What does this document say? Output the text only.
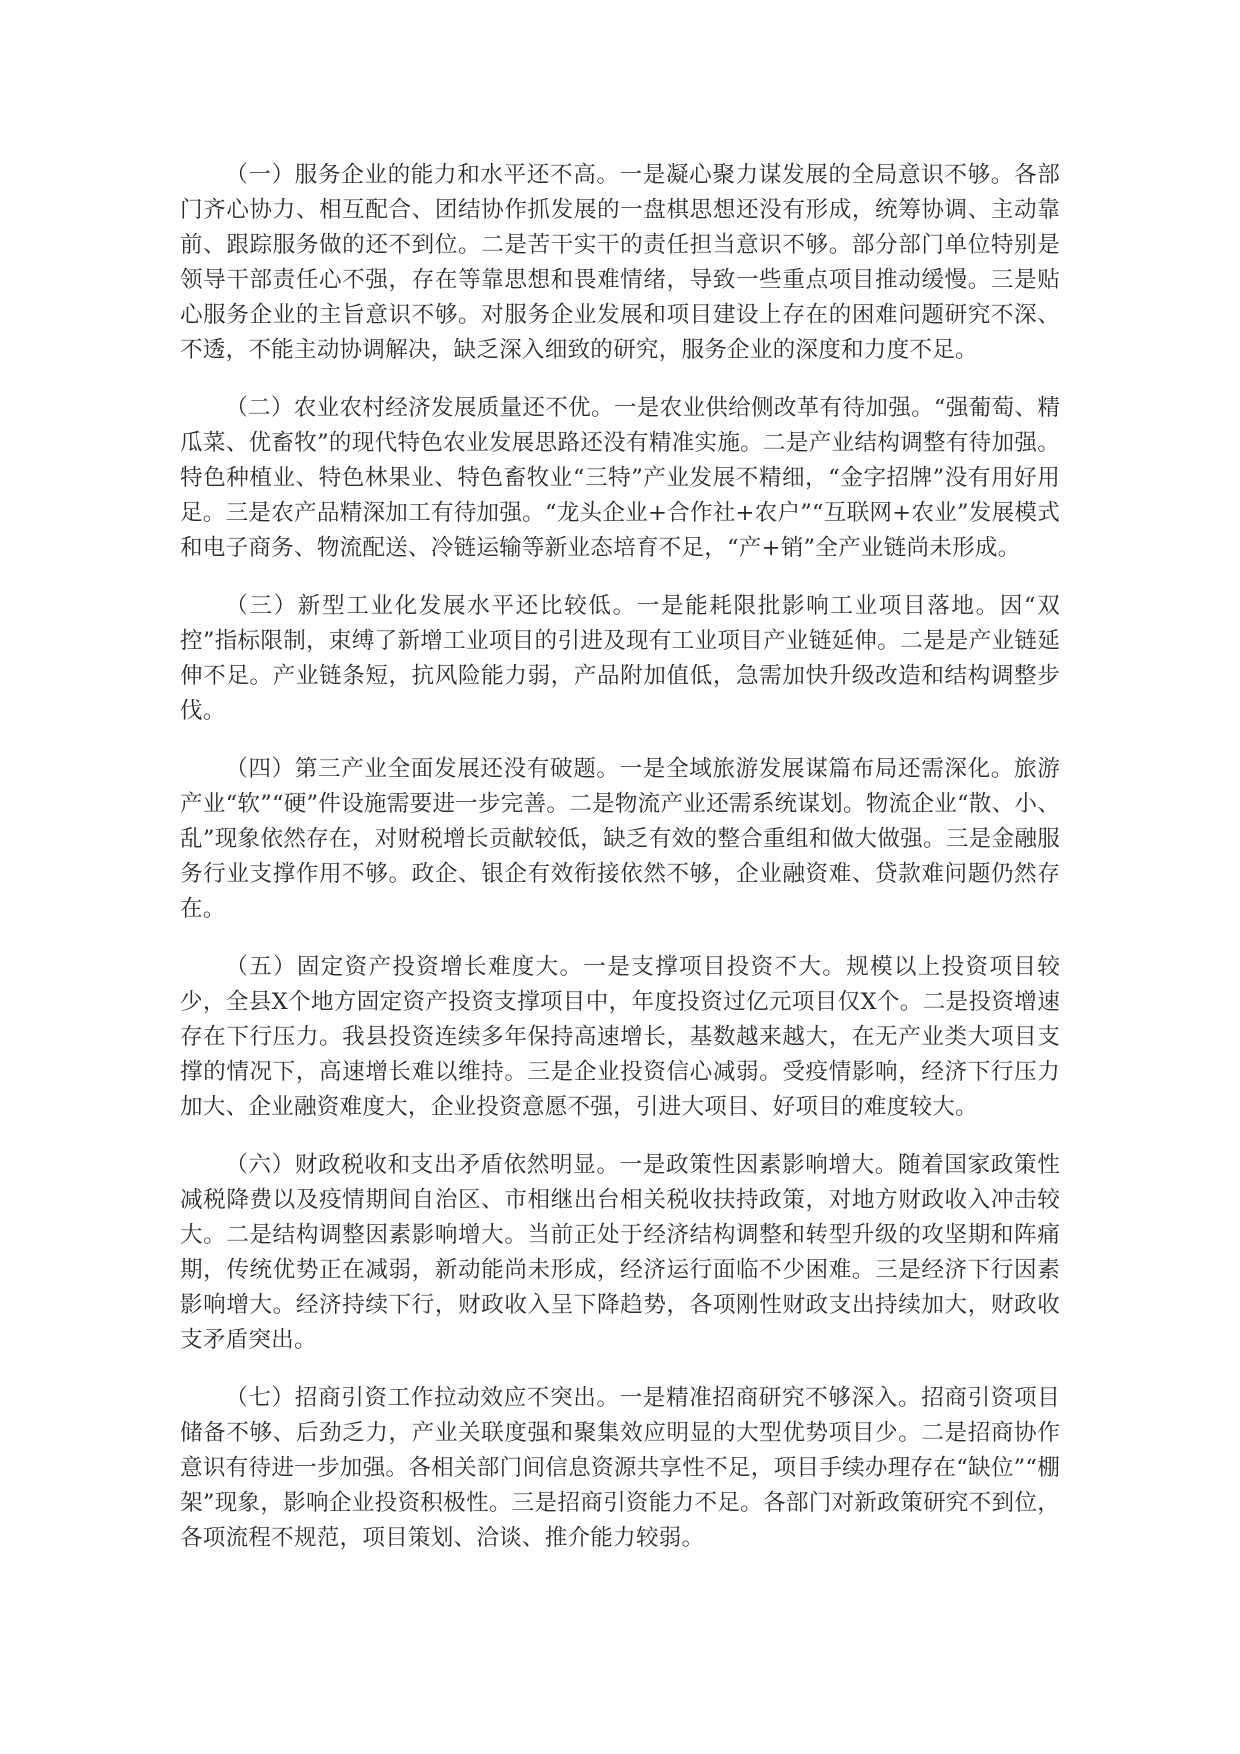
（一）服务企业的能力和水平还不高。一是凝心聚力谋发展的全局意识不够。各部门齐心协力、相互配合、团结协作抓发展的一盘棋思想还没有形成，统筹协调、主动靠前、跟踪服务做的还不到位。二是苦干实干的责任担当意识不够。部分部门单位特别是领导干部责任心不强，存在等靠思想和畏难情绪，导致一些重点项目推动缓慢。三是贴心服务企业的主旨意识不够。对服务企业发展和项目建设上存在的困难问题研究不深、不透，不能主动协调解决，缺乏深入细致的研究，服务企业的深度和力度不足。

（二）农业农村经济发展质量还不优。一是农业供给侧改革有待加强。“强葡萄、精瓜菜、优畜牧”的现代特色农业发展思路还没有精准实施。二是产业结构调整有待加强。特色种植业、特色林果业、特色畜牧业“三特”产业发展不精细，“金字招牌”没有用好用足。三是农产品精深加工有待加强。“龙头企业+合作社+农户”“互联网+农业”发展模式和电子商务、物流配送、冷链运输等新业态培育不足，“产+销”全产业链尚未形成。

（三）新型工业化发展水平还比较低。一是能耗限批影响工业项目落地。因“双控”指标限制，束缚了新增工业项目的引进及现有工业项目产业链延伸。二是是产业链延伸不足。产业链条短，抗风险能力弱，产品附加值低，急需加快升级改造和结构调整步伐。

（四）第三产业全面发展还没有破题。一是全域旅游发展谋篇布局还需深化。旅游产业“软”“硬”件设施需要进一步完善。二是物流产业还需系统谋划。物流企业“散、小、乱”现象依然存在，对财税增长贡献较低，缺乏有效的整合重组和做大做强。三是金融服务行业支撑作用不够。政企、银企有效衔接依然不够，企业融资难、贷款难问题仍然存在。

（五）固定资产投资增长难度大。一是支撑项目投资不大。规模以上投资项目较少，全县X个地方固定资产投资支撑项目中，年度投资过亿元项目仅X个。二是投资增速存在下行压力。我县投资连续多年保持高速增长，基数越来越大，在无产业类大项目支撑的情况下，高速增长难以维持。三是企业投资信心减弱。受疫情影响，经济下行压力加大、企业融资难度大，企业投资意愿不强，引进大项目、好项目的难度较大。

（六）财政税收和支出矛盾依然明显。一是政策性因素影响增大。随着国家政策性减税降费以及疫情期间自治区、市相继出台相关税收扶持政策，对地方财政收入冲击较大。二是结构调整因素影响增大。当前正处于经济结构调整和转型升级的攻坚期和阵痛期，传统优势正在减弱，新动能尚未形成，经济运行面临不少困难。三是经济下行因素影响增大。经济持续下行，财政收入呈下降趋势，各项刚性财政支出持续加大，财政收支矛盾突出。

（七）招商引资工作拉动效应不突出。一是精准招商研究不够深入。招商引资项目储备不够、后劲乏力，产业关联度强和聚集效应明显的大型优势项目少。二是招商协作意识有待进一步加强。各相关部门间信息资源共享性不足，项目手续办理存在“缺位”“棚架”现象，影响企业投资积极性。三是招商引资能力不足。各部门对新政策研究不到位，各项流程不规范，项目策划、洽谈、推介能力较弱。
